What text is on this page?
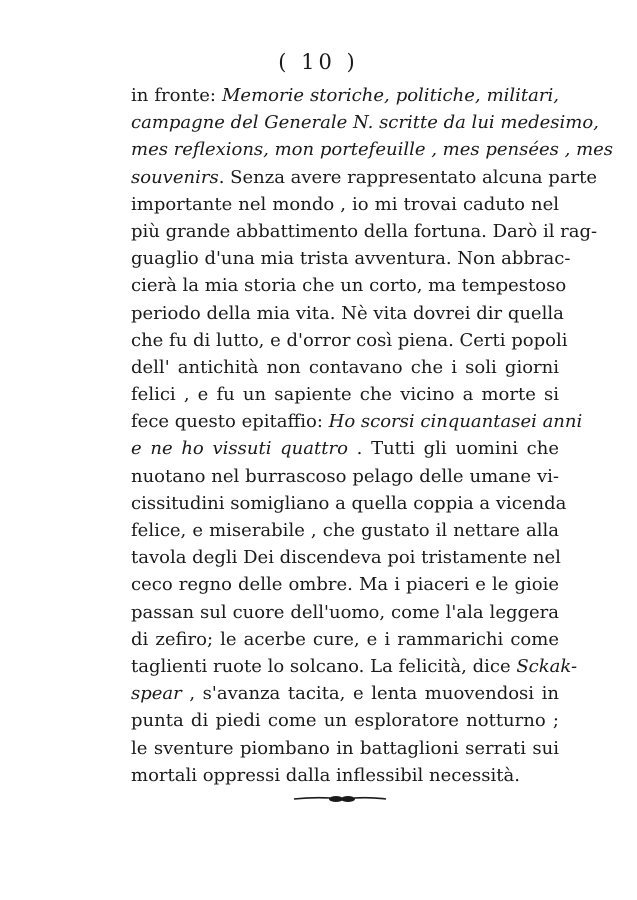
( 10 )
in fronte: Memorie storiche, politiche, militari,
campagne del Generale N. scritte da lui medesimo,
mes reflexions, mon portefeuille , mes pensées , mes
souvenirs. Senza avere rappresentato alcuna parte
importante nel mondo , io mi trovai caduto nel
più grande abbattimento della fortuna. Darò il rag-
guaglio d'una mia trista avventura. Non abbrac-
cierà la mia storia che un corto, ma tempestoso
periodo della mia vita. Nè vita dovrei dir quella
che fu di lutto, e d'orror così piena. Certi popoli
dell' antichità non contavano che i soli giorni
felici , e fu un sapiente che vicino a morte si
fece questo epitaffio: Ho scorsi cinquantasei anni
e ne ho vissuti quattro . Tutti gli uomini che
nuotano nel burrascoso pelago delle umane vi-
cissitudini somigliano a quella coppia a vicenda
felice, e miserabile , che gustato il nettare alla
tavola degli Dei discendeva poi tristamente nel
ceco regno delle ombre. Ma i piaceri e le gioie
passan sul cuore dell'uomo, come l'ala leggera
di zefiro; le acerbe cure, e i rammarichi come
taglienti ruote lo solcano. La felicità, dice Sckak-
spear , s'avanza tacita, e lenta muovendosi in
punta di piedi come un esploratore notturno ;
le sventure piombano in battaglioni serrati sui
mortali oppressi dalla inflessibil necessità.
